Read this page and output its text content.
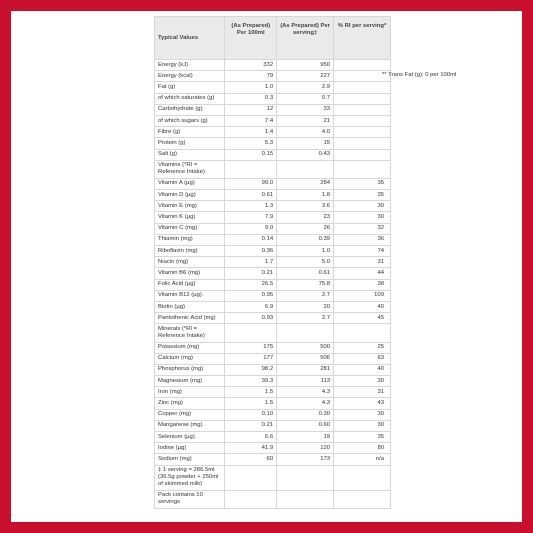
Typical Values	(As Prepared) Per 100ml	(As Prepared) Per serving‡	% RI per serving*
Energy (kJ)	332	950	
Energy (kcal)	79	227	
Fat (g)	1.0	2.9	
of which saturates (g)	0.3	0.7	
Carbohydrate (g)	12	33	
of which sugars (g)	7.4	21	
Fibre (g)	1.4	4.0	
Protein (g)	5.3	15	
Salt (g)	0.15	0.43	
Vitamins (*RI = Reference Intake)			
Vitamin A (µg)	99.0	284	35
Vitamin D (µg)	0.61	1.8	35
Vitamin E (mg)	1.3	3.6	30
Vitamin K (µg)	7.9	23	30
Vitamin C (mg)	9.0	26	32
Thiamin (mg)	0.14	0.39	36
Riboflavin (mg)	0.36	1.0	74
Niacin (mg)	1.7	5.0	31
Vitamin B6 (mg)	0.21	0.61	44
Folic Acid (µg)	26.5	75.8	38
Vitamin B12 (µg)	0.95	2.7	109
Biotin (µg)	6.9	20	40
Pantothenic Acid (mg)	0.93	2.7	45
Minerals (*RI = Reference Intake)			
Potassium (mg)	175	500	25
Calcium (mg)	177	506	63
Phosphorus (mg)	98.2	281	40
Magnesium (mg)	39.3	113	30
Iron (mg)	1.5	4.3	31
Zinc (mg)	1.5	4.3	43
Copper (mg)	0.10	0.30	30
Manganese (mg)	0.21	0.60	30
Selenium (µg)	6.6	19	35
Iodine (µg)	41.9	120	80
Sodium (mg)	60	173	n/a
‡ 1 serving = 286.5ml (36.5g powder + 250ml of skimmed milk)			
Pack contains 10 servings			
** Trans Fat (g): 0 per 100ml
